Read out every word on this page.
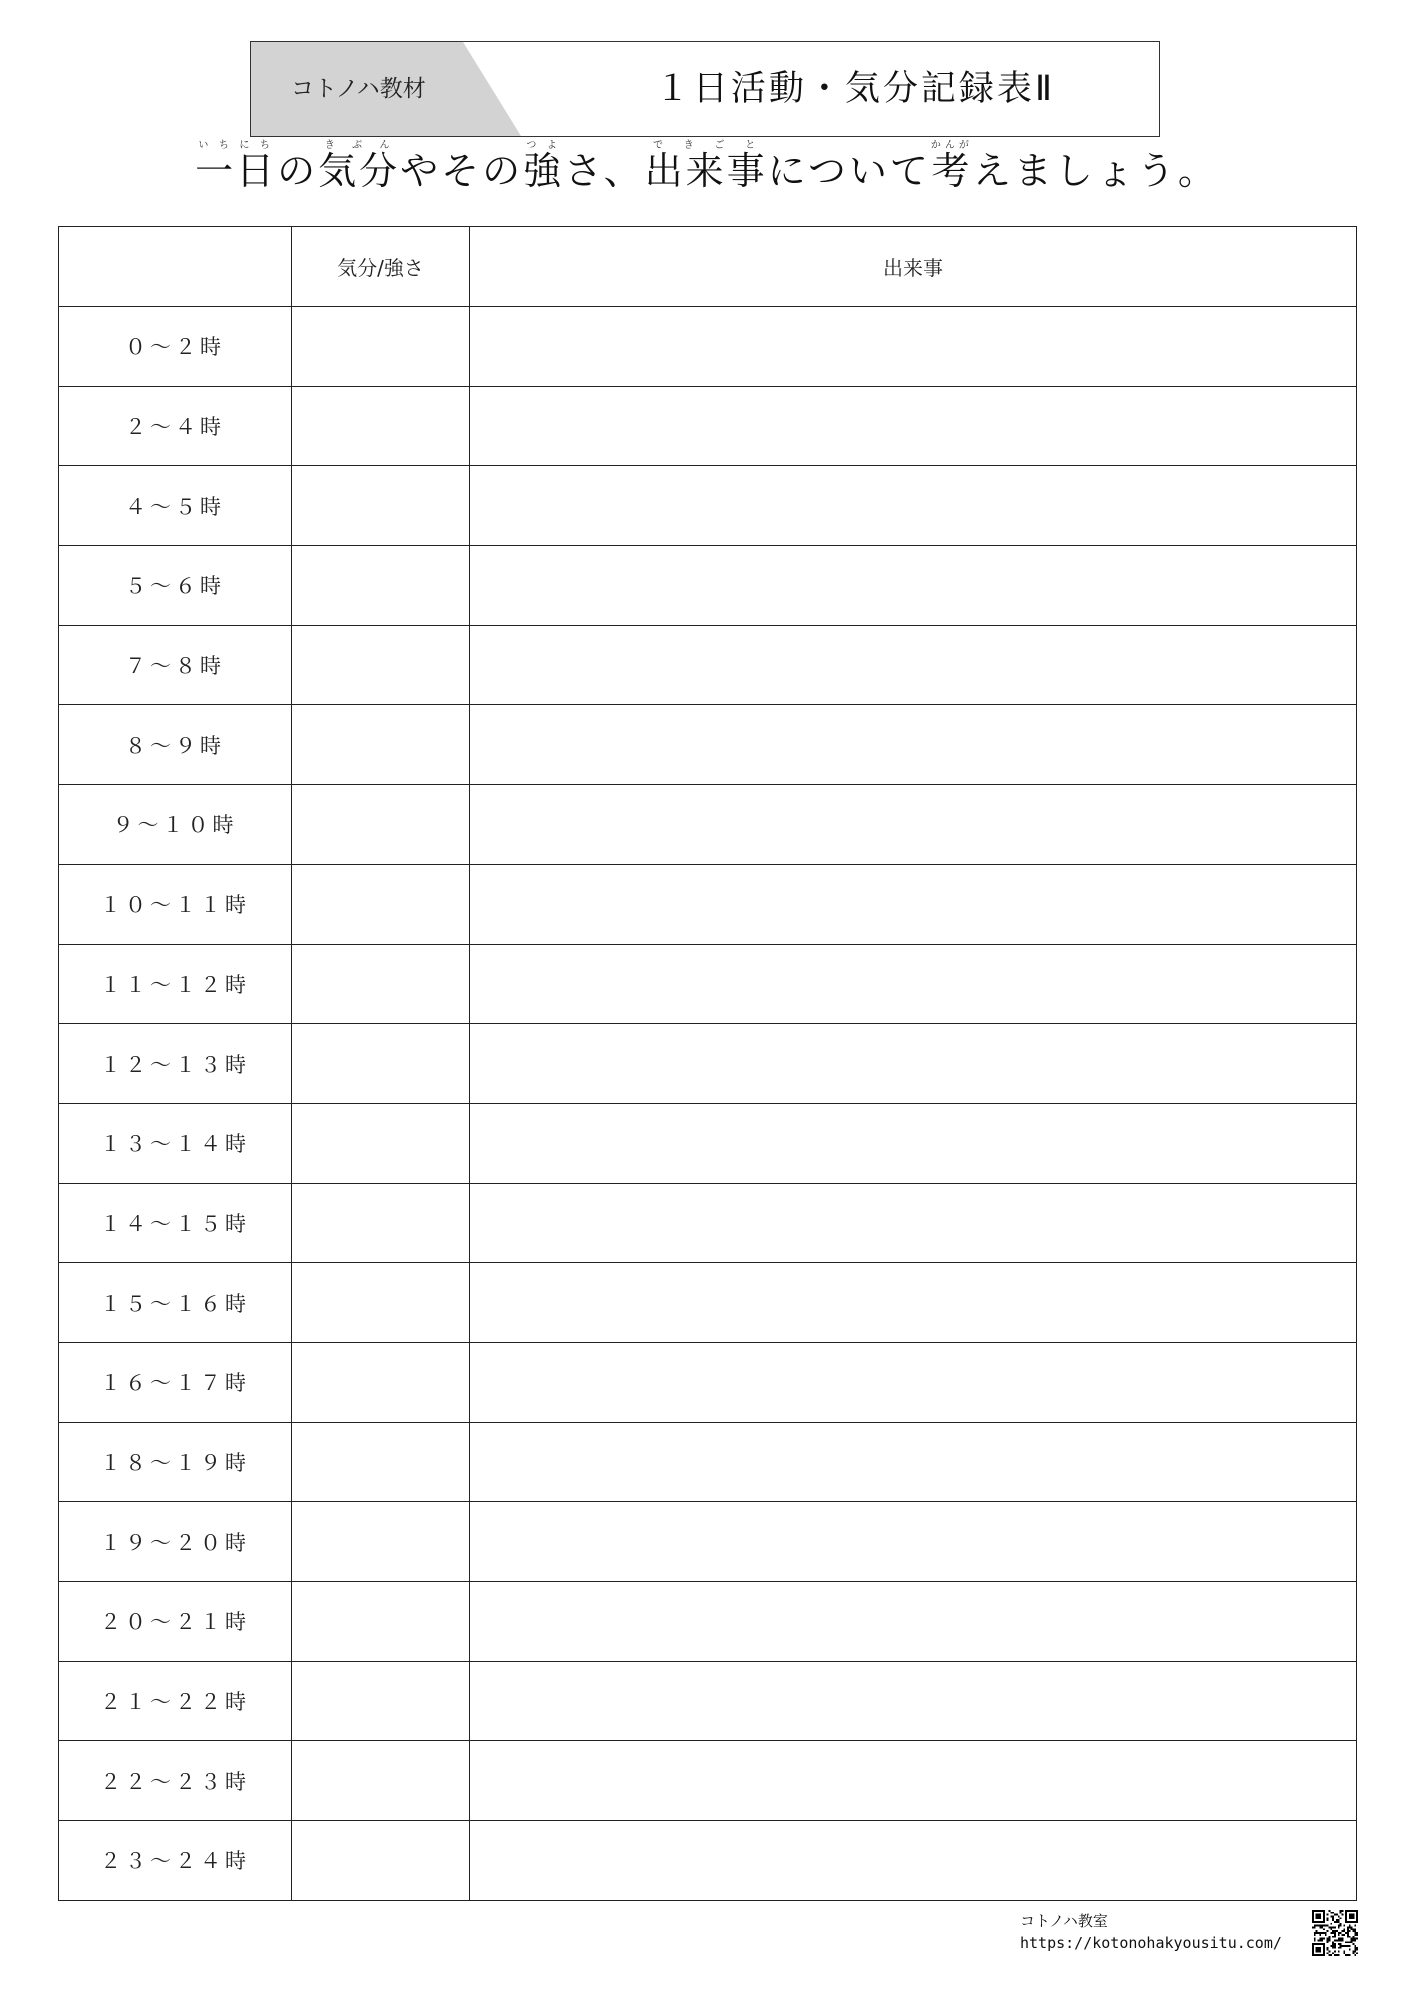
コトノハ教材	１日活動・気分記録表Ⅱ
一日いちにちの気分きぶんやその強つよさ、出来事できごとについて考かんがえましょう。
	気分/強さ	出来事
０～２時		
２～４時		
４～５時		
５～６時		
７～８時		
８～９時		
９～１０時		
１０～１１時		
１１～１２時		
１２～１３時		
１３～１４時		
１４～１５時		
１５～１６時		
１６～１７時		
１８～１９時		
１９～２０時		
２０～２１時		
２１～２２時		
２２～２３時		
２３～２４時		
コトノハ教室
https://kotonohakyousitu.com/
